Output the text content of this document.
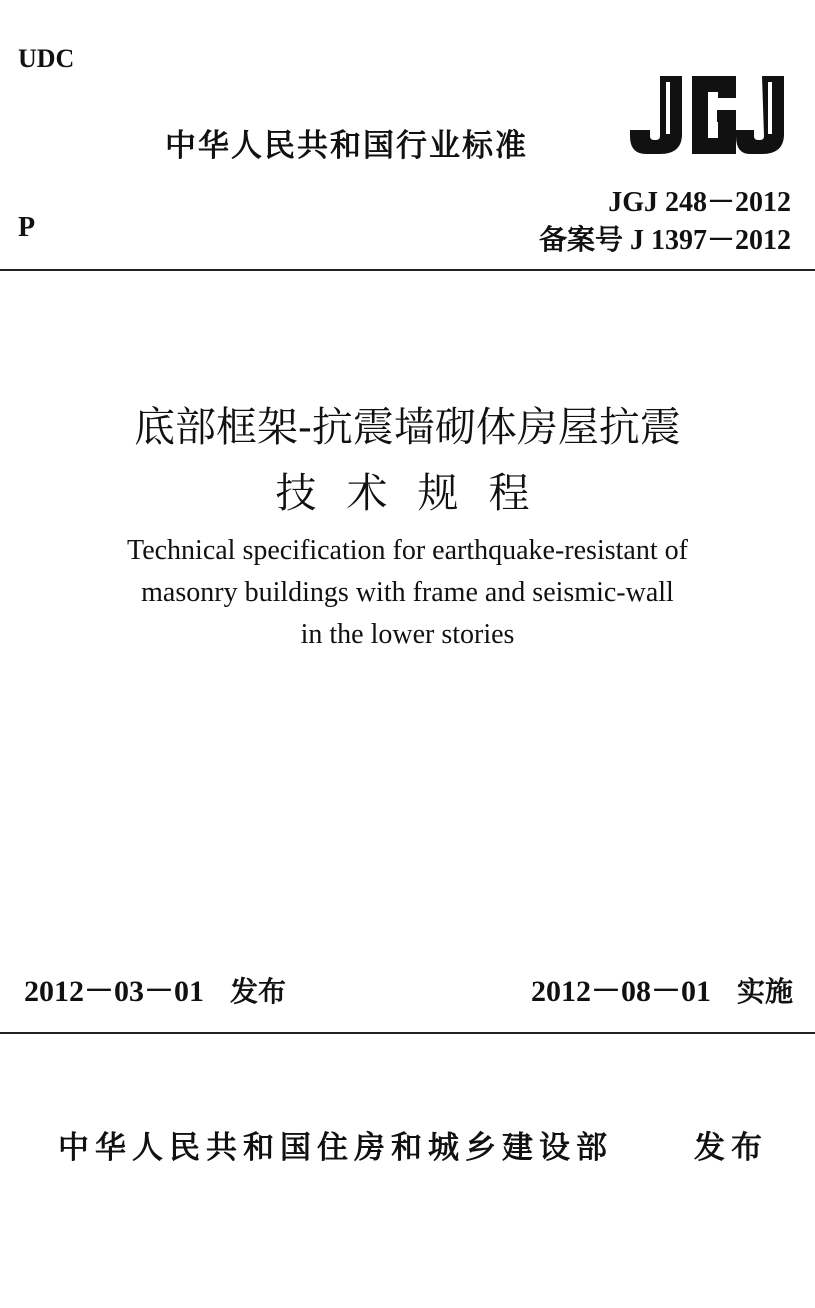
UDC
中华人民共和国行业标准
P
JGJ 248－2012
备案号 J 1397－2012
底部框架-抗震墙砌体房屋抗震
技术规程
Technical specification for earthquake-resistant of
masonry buildings with frame and seismic-wall
in the lower stories
2012－03－01 发布	2012－08－01 实施
中华人民共和国住房和城乡建设部	发布
